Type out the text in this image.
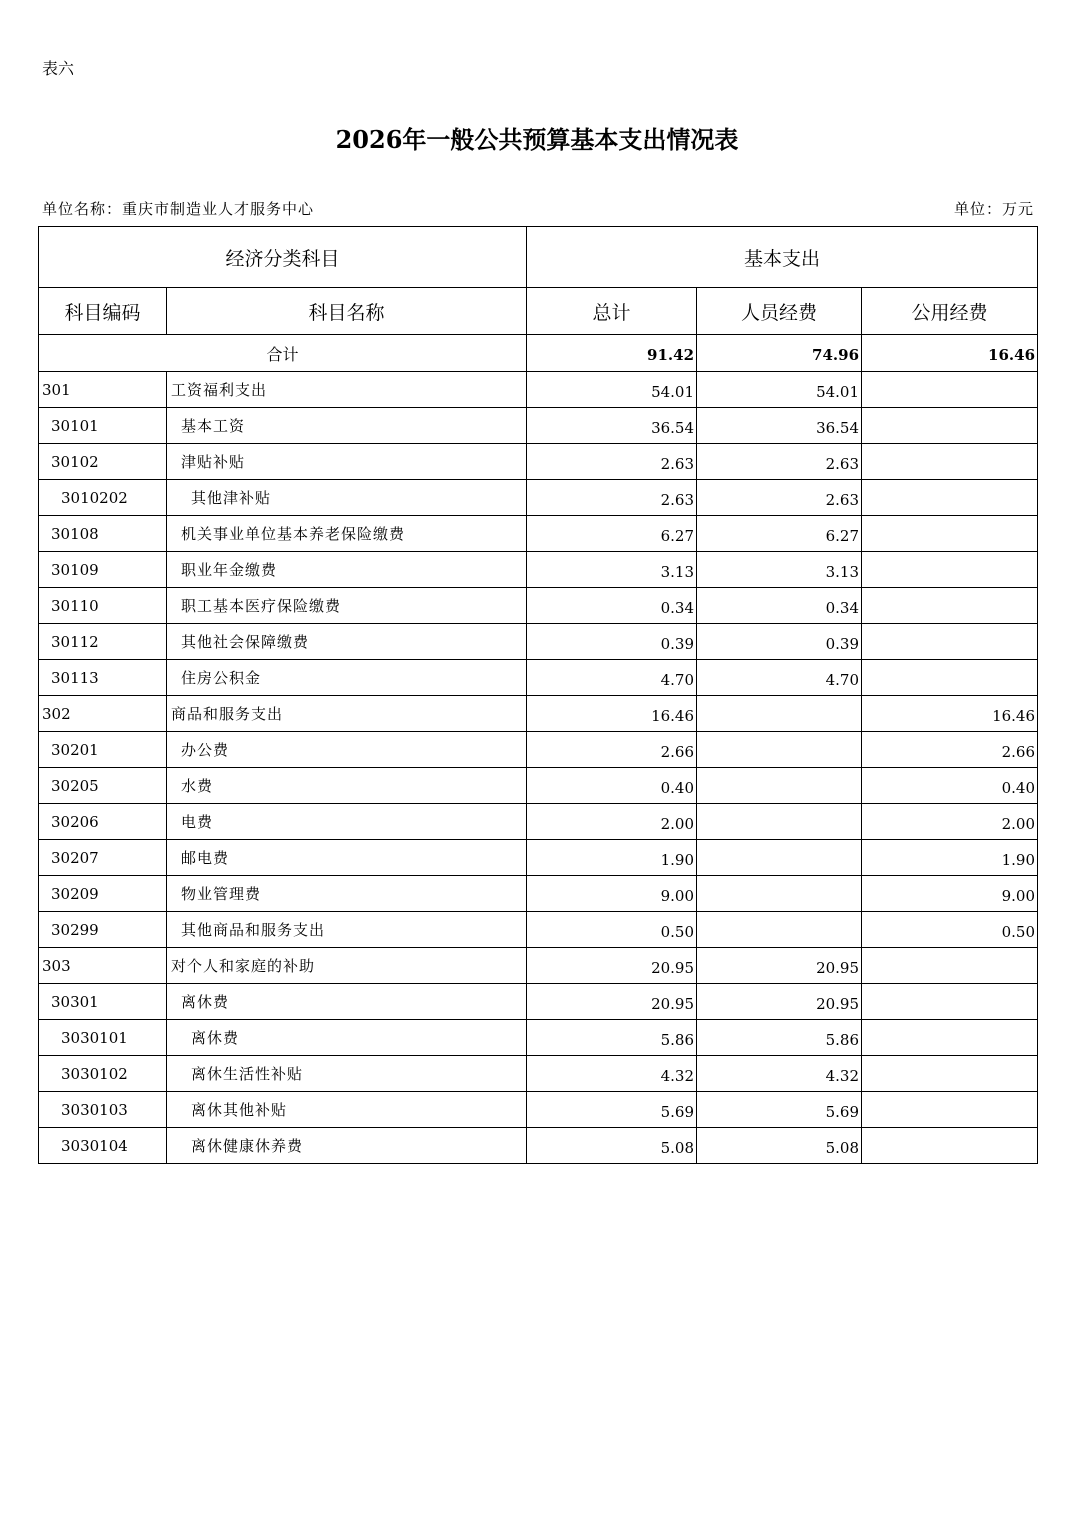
表六
2026年一般公共预算基本支出情况表
单位名称：重庆市制造业人才服务中心	单位：万元
经济分类科目		基本支出		
科目编码	科目名称	总计	人员经费	公用经费
合计		91.42	74.96	16.46
301	工资福利支出	54.01	54.01	
30101	基本工资	36.54	36.54	
30102	津贴补贴	2.63	2.63	
3010202	其他津补贴	2.63	2.63	
30108	机关事业单位基本养老保险缴费	6.27	6.27	
30109	职业年金缴费	3.13	3.13	
30110	职工基本医疗保险缴费	0.34	0.34	
30112	其他社会保障缴费	0.39	0.39	
30113	住房公积金	4.70	4.70	
302	商品和服务支出	16.46		16.46
30201	办公费	2.66		2.66
30205	水费	0.40		0.40
30206	电费	2.00		2.00
30207	邮电费	1.90		1.90
30209	物业管理费	9.00		9.00
30299	其他商品和服务支出	0.50		0.50
303	对个人和家庭的补助	20.95	20.95	
30301	离休费	20.95	20.95	
3030101	离休费	5.86	5.86	
3030102	离休生活性补贴	4.32	4.32	
3030103	离休其他补贴	5.69	5.69	
3030104	离休健康休养费	5.08	5.08	
